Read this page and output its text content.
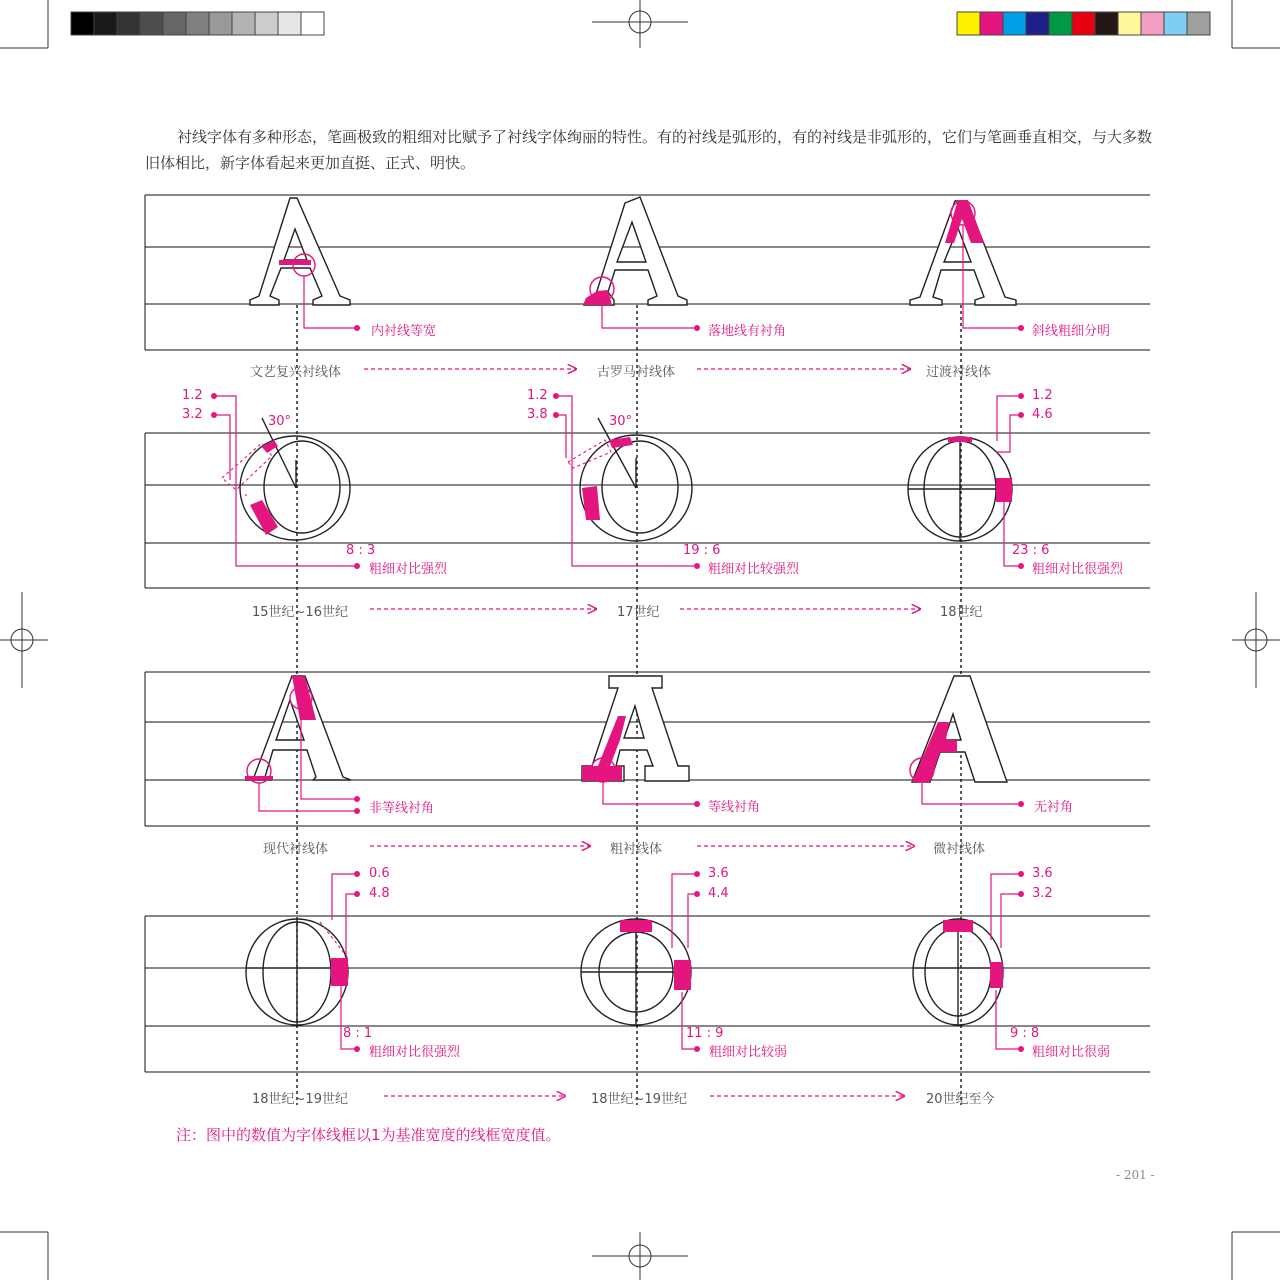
衬线字体有多种形态，笔画极致的粗细对比赋予了衬线字体绚丽的特性。有的衬线是弧形的，有的衬线是非弧形的，它们与笔画垂直相交，与大多数旧体相比，新字体看起来更加直挺、正式、明快。

内衬线等宽	落地线有衬角	斜线粗细分明
文艺复兴衬线体	古罗马衬线体	过渡衬线体
1.2
3.2	30°
8 : 3
粗细对比强烈
1.2
3.8	30°
19 : 6
粗细对比较强烈
1.2
4.6
23 : 6
粗细对比很强烈
15世纪~16世纪	17世纪	18世纪
非等线衬角	等线衬角	无衬角
现代衬线体	粗衬线体	微衬线体
0.6
4.8
8 : 1
粗细对比很强烈
3.6
4.4
11 : 9
粗细对比较弱
3.6
3.2
9 : 8
粗细对比很弱
18世纪~19世纪	18世纪~19世纪	20世纪至今
注：图中的数值为字体线框以1为基准宽度的线框宽度值。
- 201 -
